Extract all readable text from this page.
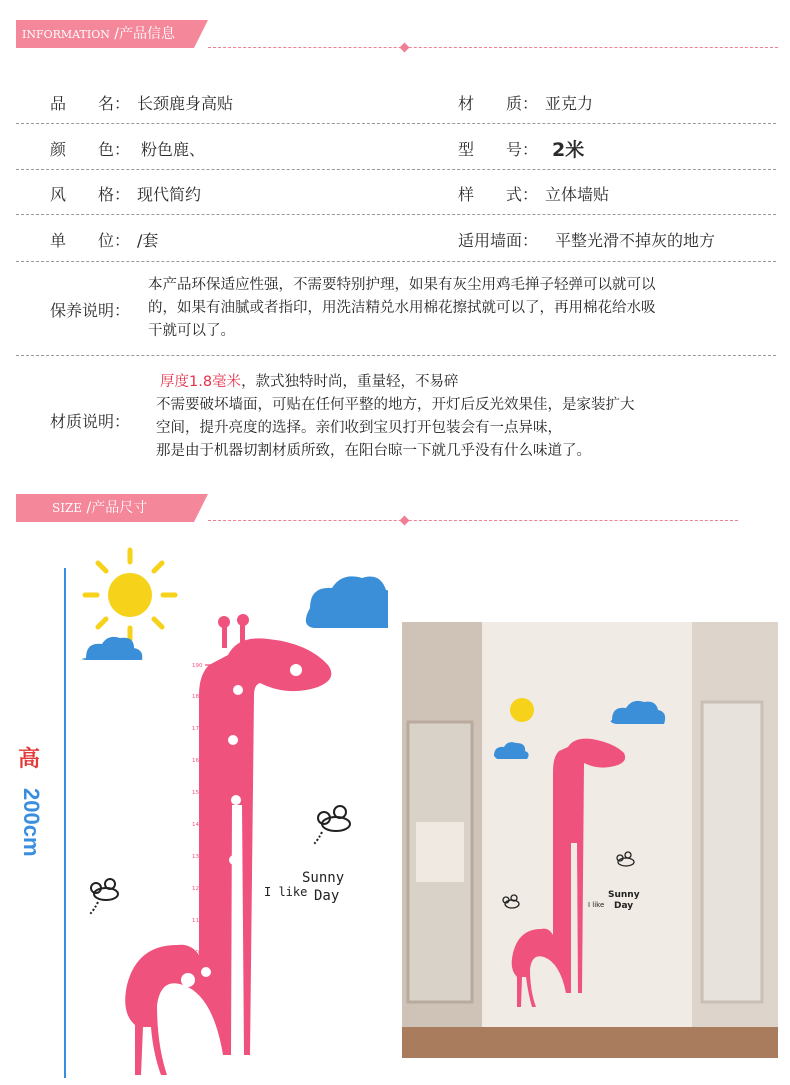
INFORMATION /产品信息
品　　名： 长颈鹿身高贴	材　　质： 亚克力
颜　　色： 粉色鹿、	型　　号： 2米
风　　格： 现代简约	样　　式： 立体墙贴
单　　位： /套	适用墙面： 平整光滑不掉灰的地方
保养说明：
本产品环保适应性强，不需要特别护理，如果有灰尘用鸡毛掸子轻弹可以就可以
的，如果有油腻或者指印，用洗洁精兑水用棉花擦拭就可以了，再用棉花给水吸
干就可以了。
材质说明：
厚度1.8毫米，款式独特时尚，重量轻，不易碎
不需要破坏墙面，可贴在任何平整的地方，开灯后反光效果佳，是家装扩大
空间，提升亮度的选择。亲们收到宝贝打开包装会有一点异味，
那是由于机器切割材质所致，在阳台晾一下就几乎没有什么味道了。
SIZE /产品尺寸
高
200cm
190
180
170
160
150
140
130
120
110
100
I like
Sunny
Day	Sunny
I like Day
